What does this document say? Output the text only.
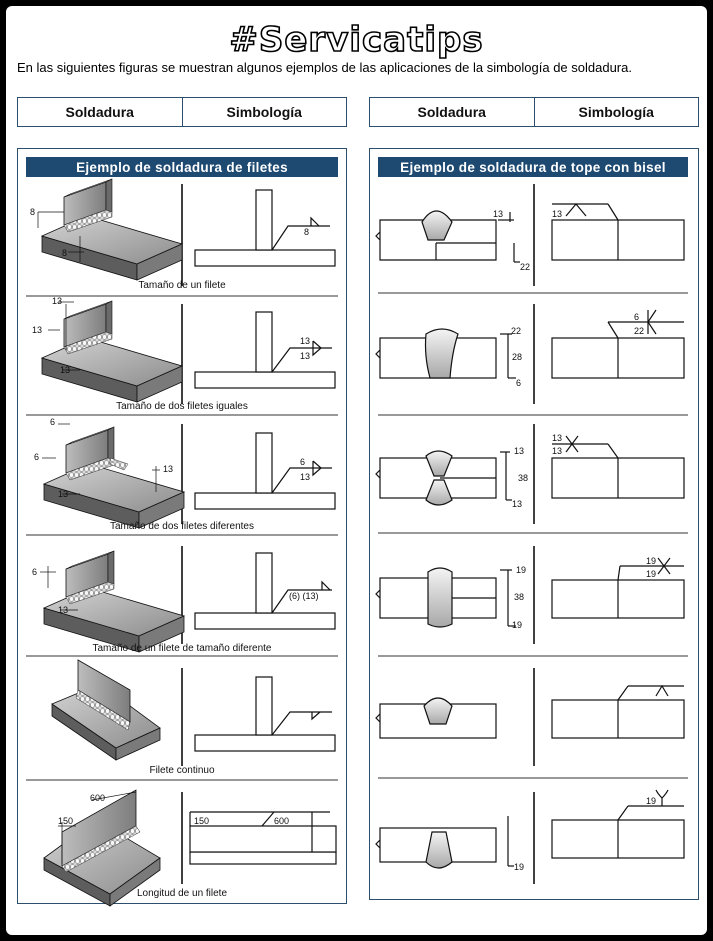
#Servicatips
En las siguientes figuras se muestran algunos ejemplos de las aplicaciones de la simbología de soldadura.
Soldadura	Simbología	Soldadura	Simbología
Ejemplo de soldadura de filetes	Ejemplo de soldadura de tope con bisel
8
8
Tamaño de un filete
8
13
13
13
Tamaño de dos filetes iguales
13
13
6
6
13
13
Tamaño de dos filetes diferentes
6
13
6
13
Tamaño de un filete de tamaño diferente
(6) (13)
Filete continuo
600
150
Longitud de un filete
150	600
13
22
13
22
28
6
6
22
13
38
13
13
13
19
38
19
19
19
19
19
